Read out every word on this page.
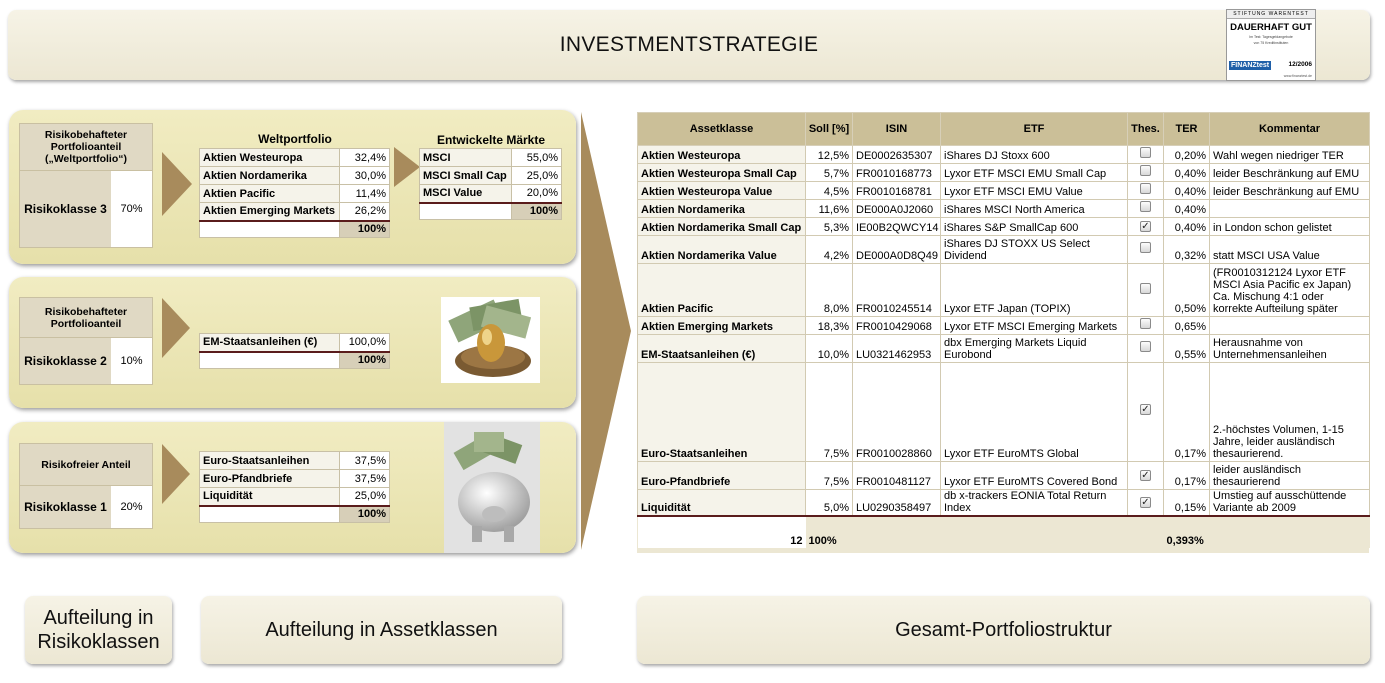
INVESTMENTSTRATEGIE
STIFTUNG WARENTEST
DAUERHAFT GUT
Im Test: Tagesgeldangebote
von 75 Kreditinstituten
FINANZtest	12/2006
www.finanztest.de
Risikobehafteter Portfolioanteil („Weltportfolio“)
Risikoklasse 3	70%
Weltportfolio
Aktien Westeuropa	32,4%
Aktien Nordamerika	30,0%
Aktien Pacific	11,4%
Aktien Emerging Markets	26,2%
	100%
Entwickelte Märkte
MSCI	55,0%
MSCI Small Cap	25,0%
MSCI Value	20,0%
	100%
Risikobehafteter Portfolioanteil
Risikoklasse 2	10%
EM-Staatsanleihen (€)	100,0%
	100%
Risikofreier Anteil
Risikoklasse 1	20%
Euro-Staatsanleihen	37,5%
Euro-Pfandbriefe	37,5%
Liquidität	25,0%
	100%
Assetklasse	Soll [%]	ISIN	ETF	Thes.	TER	Kommentar
Aktien Westeuropa	12,5%	DE0002635307	iShares DJ Stoxx 600		0,20%	Wahl wegen niedriger TER
Aktien Westeuropa Small Cap	5,7%	FR0010168773	Lyxor ETF MSCI EMU Small Cap		0,40%	leider Beschränkung auf EMU
Aktien Westeuropa Value	4,5%	FR0010168781	Lyxor ETF MSCI EMU Value		0,40%	leider Beschränkung auf EMU
Aktien Nordamerika	11,6%	DE000A0J2060	iShares MSCI North America		0,40%	
Aktien Nordamerika Small Cap	5,3%	IE00B2QWCY14	iShares S&P SmallCap 600	✓	0,40%	in London schon gelistet
Aktien Nordamerika Value	4,2%	DE000A0D8Q49	iShares DJ STOXX US Select Dividend		0,32%	statt MSCI USA Value
Aktien Pacific	8,0%	FR0010245514	Lyxor ETF Japan (TOPIX)		0,50%	(FR0010312124 Lyxor ETF MSCI Asia Pacific ex Japan) Ca. Mischung 4:1 oder korrekte Aufteilung später
Aktien Emerging Markets	18,3%	FR0010429068	Lyxor ETF MSCI Emerging Markets		0,65%	
EM-Staatsanleihen (€)	10,0%	LU0321462953	dbx Emerging Markets Liquid Eurobond		0,55%	Herausnahme von Unternehmensanleihen
Euro-Staatsanleihen	7,5%	FR0010028860	Lyxor ETF EuroMTS Global	✓	0,17%	2.-höchstes Volumen, 1-15 Jahre, leider ausländisch thesaurierend.
Euro-Pfandbriefe	7,5%	FR0010481127	Lyxor ETF EuroMTS Covered Bond	✓	0,17%	leider ausländisch thesaurierend
Liquidität	5,0%	LU0290358497	db x-trackers EONIA Total Return Index	✓	0,15%	Umstieg auf ausschüttende Variante ab 2009
12	100%				0,393%	
Aufteilung in Risikoklassen
Aufteilung in Assetklassen	Gesamt-Portfoliostruktur
